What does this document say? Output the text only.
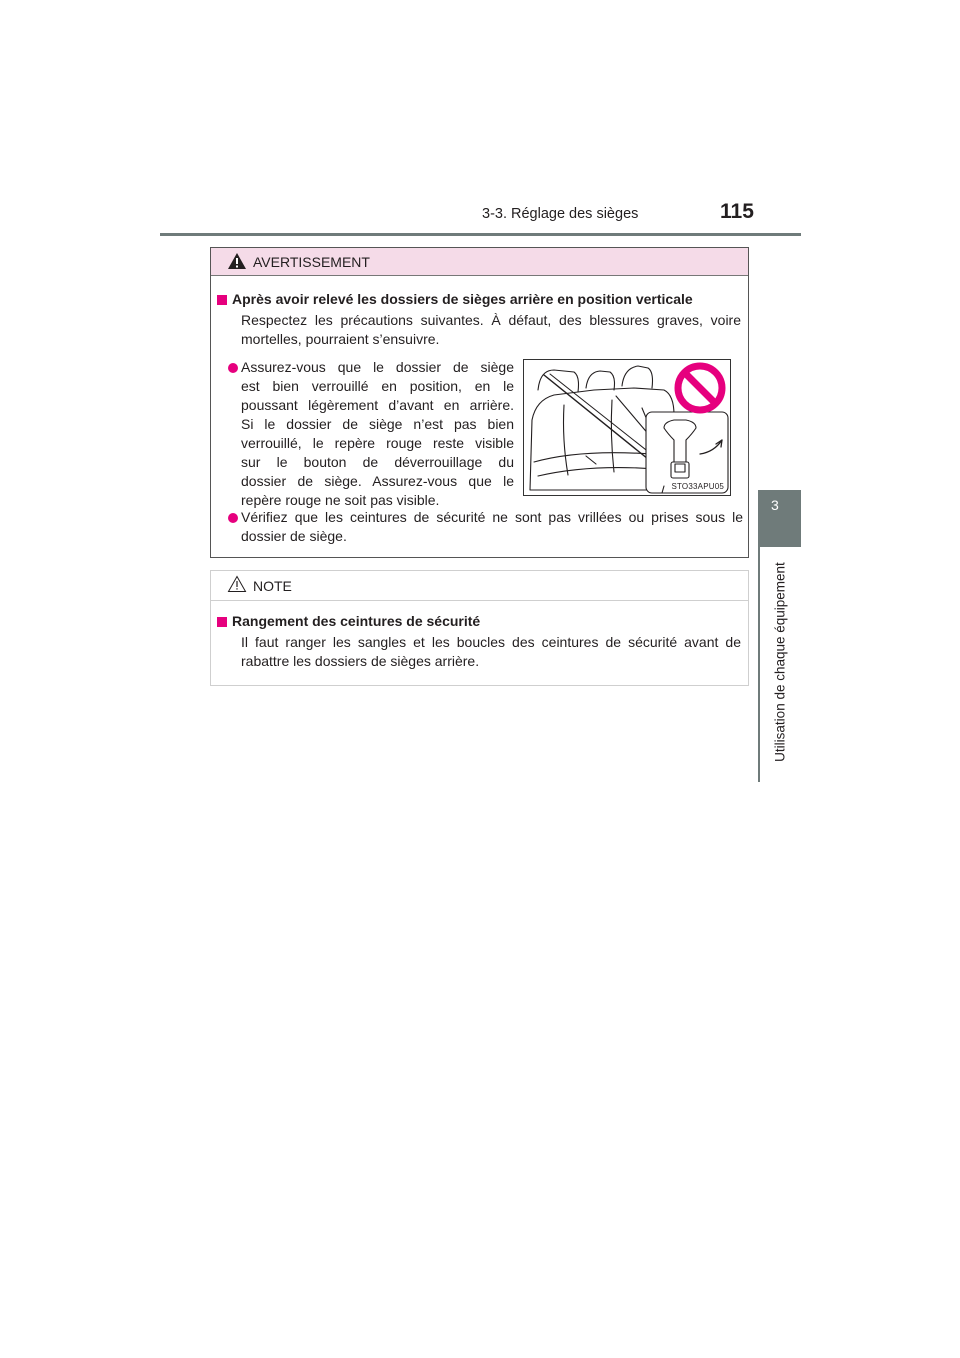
3-3. Réglage des sièges	115
3
Utilisation de chaque équipement
AVERTISSEMENT
Après avoir relevé les dossiers de sièges arrière en position verticale
Respectez les précautions suivantes. À défaut, des blessures graves, voire
mortelles, pourraient s’ensuivre.
Assurez-vous que le dossier de siège
est bien verrouillé en position, en le
poussant légèrement d’avant en arrière.
Si le dossier de siège n’est pas bien
verrouillé, le repère rouge reste visible
sur le bouton de déverrouillage du
dossier de siège. Assurez-vous que le
repère rouge ne soit pas visible.
STO33APU05
Vérifiez que les ceintures de sécurité ne sont pas vrillées ou prises sous le
dossier de siège.
NOTE
Rangement des ceintures de sécurité
Il faut ranger les sangles et les boucles des ceintures de sécurité avant de
rabattre les dossiers de sièges arrière.
